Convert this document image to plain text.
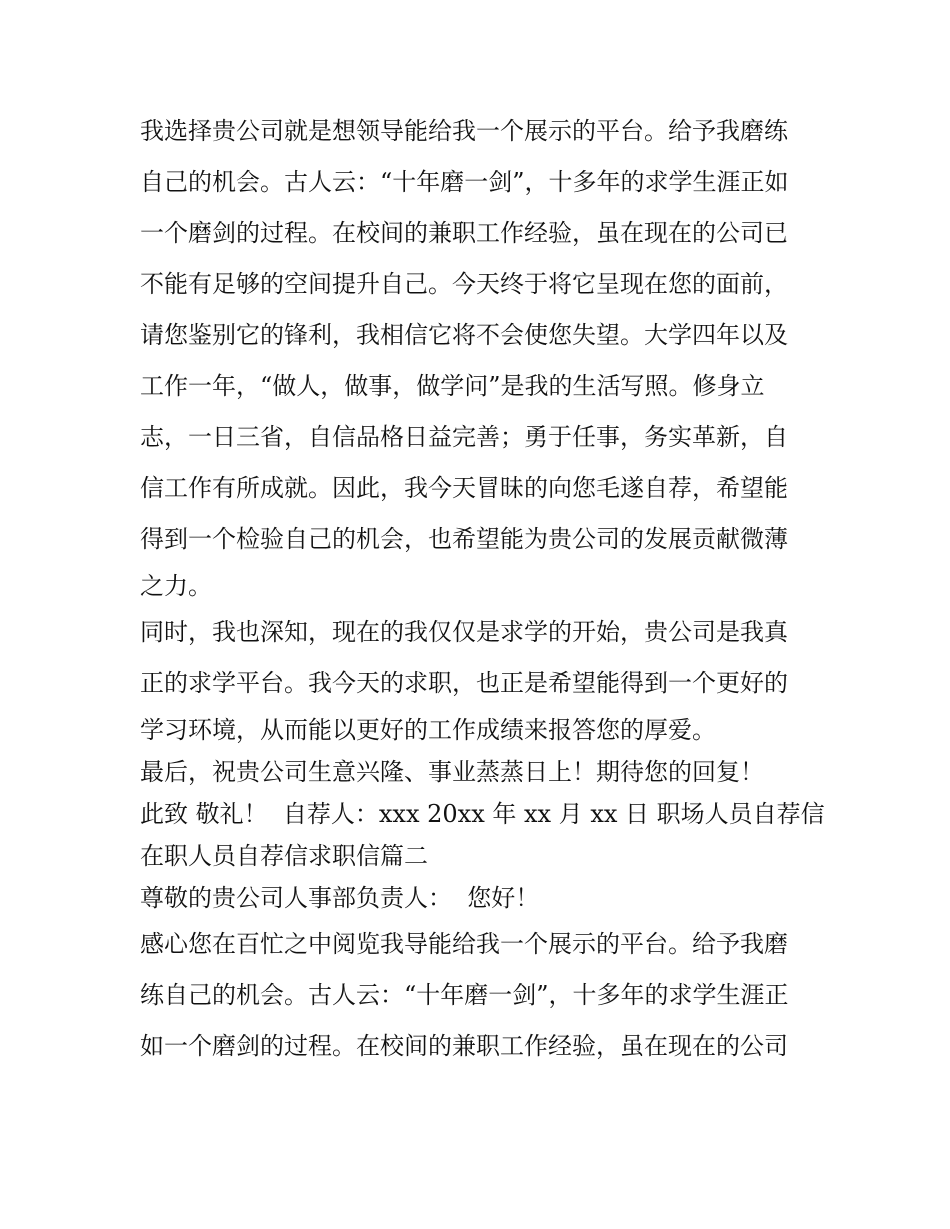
我选择贵公司就是想领导能给我一个展示的平台。给予我磨练

自己的机会。古人云：“十年磨一剑”，十多年的求学生涯正如

一个磨剑的过程。在校间的兼职工作经验，虽在现在的公司已

不能有足够的空间提升自己。今天终于将它呈现在您的面前，

请您鉴别它的锋利，我相信它将不会使您失望。大学四年以及

工作一年，“做人，做事，做学问”是我的生活写照。修身立

志，一日三省，自信品格日益完善；勇于任事，务实革新，自

信工作有所成就。因此，我今天冒昧的向您毛遂自荐，希望能

得到一个检验自己的机会，也希望能为贵公司的发展贡献微薄

之力。

同时，我也深知，现在的我仅仅是求学的开始，贵公司是我真

正的求学平台。我今天的求职，也正是希望能得到一个更好的

学习环境，从而能以更好的工作成绩来报答您的厚爱。

最后，祝贵公司生意兴隆、事业蒸蒸日上！期待您的回复！

此致 敬礼！  自荐人：xxx 20xx 年 xx 月 xx 日 职场人员自荐信

在职人员自荐信求职信篇二

尊敬的贵公司人事部负责人：  您好！

感心您在百忙之中阅览我导能给我一个展示的平台。给予我磨

练自己的机会。古人云：“十年磨一剑”，十多年的求学生涯正

如一个磨剑的过程。在校间的兼职工作经验，虽在现在的公司
